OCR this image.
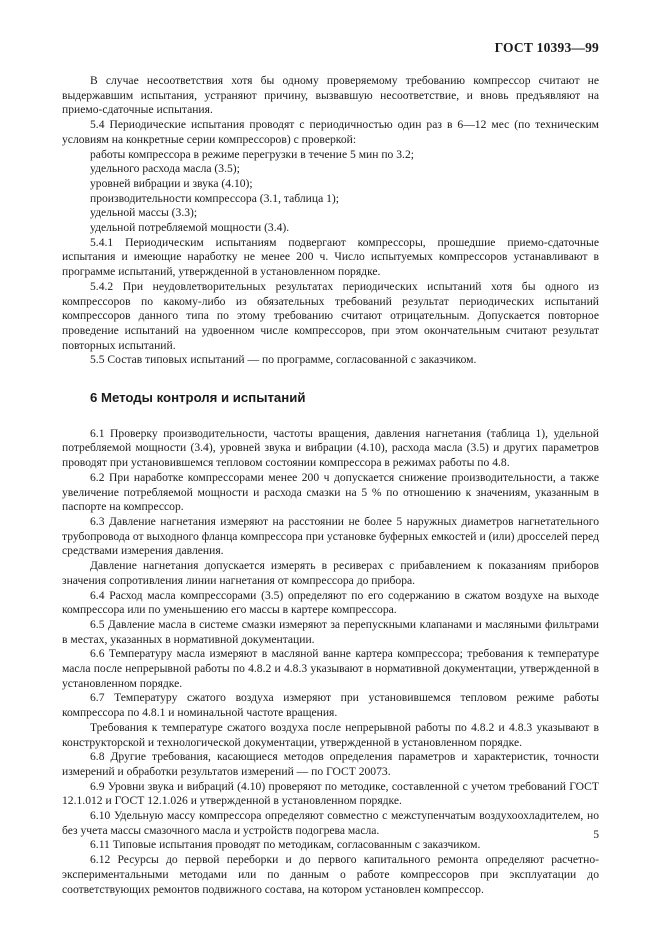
ГОСТ 10393—99

В случае несоответствия хотя бы одному проверяемому требованию компрессор считают не выдержавшим испытания, устраняют причину, вызвавшую несоответствие, и вновь предъявляют на приемо-сдаточные испытания.

5.4 Периодические испытания проводят с периодичностью один раз в 6—12 мес (по техническим условиям на конкретные серии компрессоров) с проверкой:

работы компрессора в режиме перегрузки в течение 5 мин по 3.2;

удельного расхода масла (3.5);

уровней вибрации и звука (4.10);

производительности компрессора (3.1, таблица 1);

удельной массы (3.3);

удельной потребляемой мощности (3.4).

5.4.1 Периодическим испытаниям подвергают компрессоры, прошедшие приемо-сдаточные испытания и имеющие наработку не менее 200 ч. Число испытуемых компрессоров устанавливают в программе испытаний, утвержденной в установленном порядке.

5.4.2 При неудовлетворительных результатах периодических испытаний хотя бы одного из компрессоров по какому-либо из обязательных требований результат периодических испытаний компрессоров данного типа по этому требованию считают отрицательным. Допускается повторное проведение испытаний на удвоенном числе компрессоров, при этом окончательным считают результат повторных испытаний.

5.5 Состав типовых испытаний — по программе, согласованной с заказчиком.

6 Методы контроля и испытаний

6.1 Проверку производительности, частоты вращения, давления нагнетания (таблица 1), удельной потребляемой мощности (3.4), уровней звука и вибрации (4.10), расхода масла (3.5) и других параметров проводят при установившемся тепловом состоянии компрессора в режимах работы по 4.8.

6.2 При наработке компрессорами менее 200 ч допускается снижение производительности, а также увеличение потребляемой мощности и расхода смазки на 5 % по отношению к значениям, указанным в паспорте на компрессор.

6.3 Давление нагнетания измеряют на расстоянии не более 5 наружных диаметров нагнетательного трубопровода от выходного фланца компрессора при установке буферных емкостей и (или) дросселей перед средствами измерения давления.

Давление нагнетания допускается измерять в ресиверах с прибавлением к показаниям приборов значения сопротивления линии нагнетания от компрессора до прибора.

6.4 Расход масла компрессорами (3.5) определяют по его содержанию в сжатом воздухе на выходе компрессора или по уменьшению его массы в картере компрессора.

6.5 Давление масла в системе смазки измеряют за перепускными клапанами и масляными фильтрами в местах, указанных в нормативной документации.

6.6 Температуру масла измеряют в масляной ванне картера компрессора; требования к температуре масла после непрерывной работы по 4.8.2 и 4.8.3 указывают в нормативной документации, утвержденной в установленном порядке.

6.7 Температуру сжатого воздуха измеряют при установившемся тепловом режиме работы компрессора по 4.8.1 и номинальной частоте вращения.

Требования к температуре сжатого воздуха после непрерывной работы по 4.8.2 и 4.8.3 указывают в конструкторской и технологической документации, утвержденной в установленном порядке.

6.8 Другие требования, касающиеся методов определения параметров и характеристик, точности измерений и обработки результатов измерений — по ГОСТ 20073.

6.9 Уровни звука и вибраций (4.10) проверяют по методике, составленной с учетом требований ГОСТ 12.1.012 и ГОСТ 12.1.026 и утвержденной в установленном порядке.

6.10 Удельную массу компрессора определяют совместно с межступенчатым воздухоохладителем, но без учета массы смазочного масла и устройств подогрева масла.

6.11 Типовые испытания проводят по методикам, согласованным с заказчиком.

6.12 Ресурсы до первой переборки и до первого капитального ремонта определяют расчетно-экспериментальными методами или по данным о работе компрессоров при эксплуатации до соответствующих ремонтов подвижного состава, на котором установлен компрессор.

5
